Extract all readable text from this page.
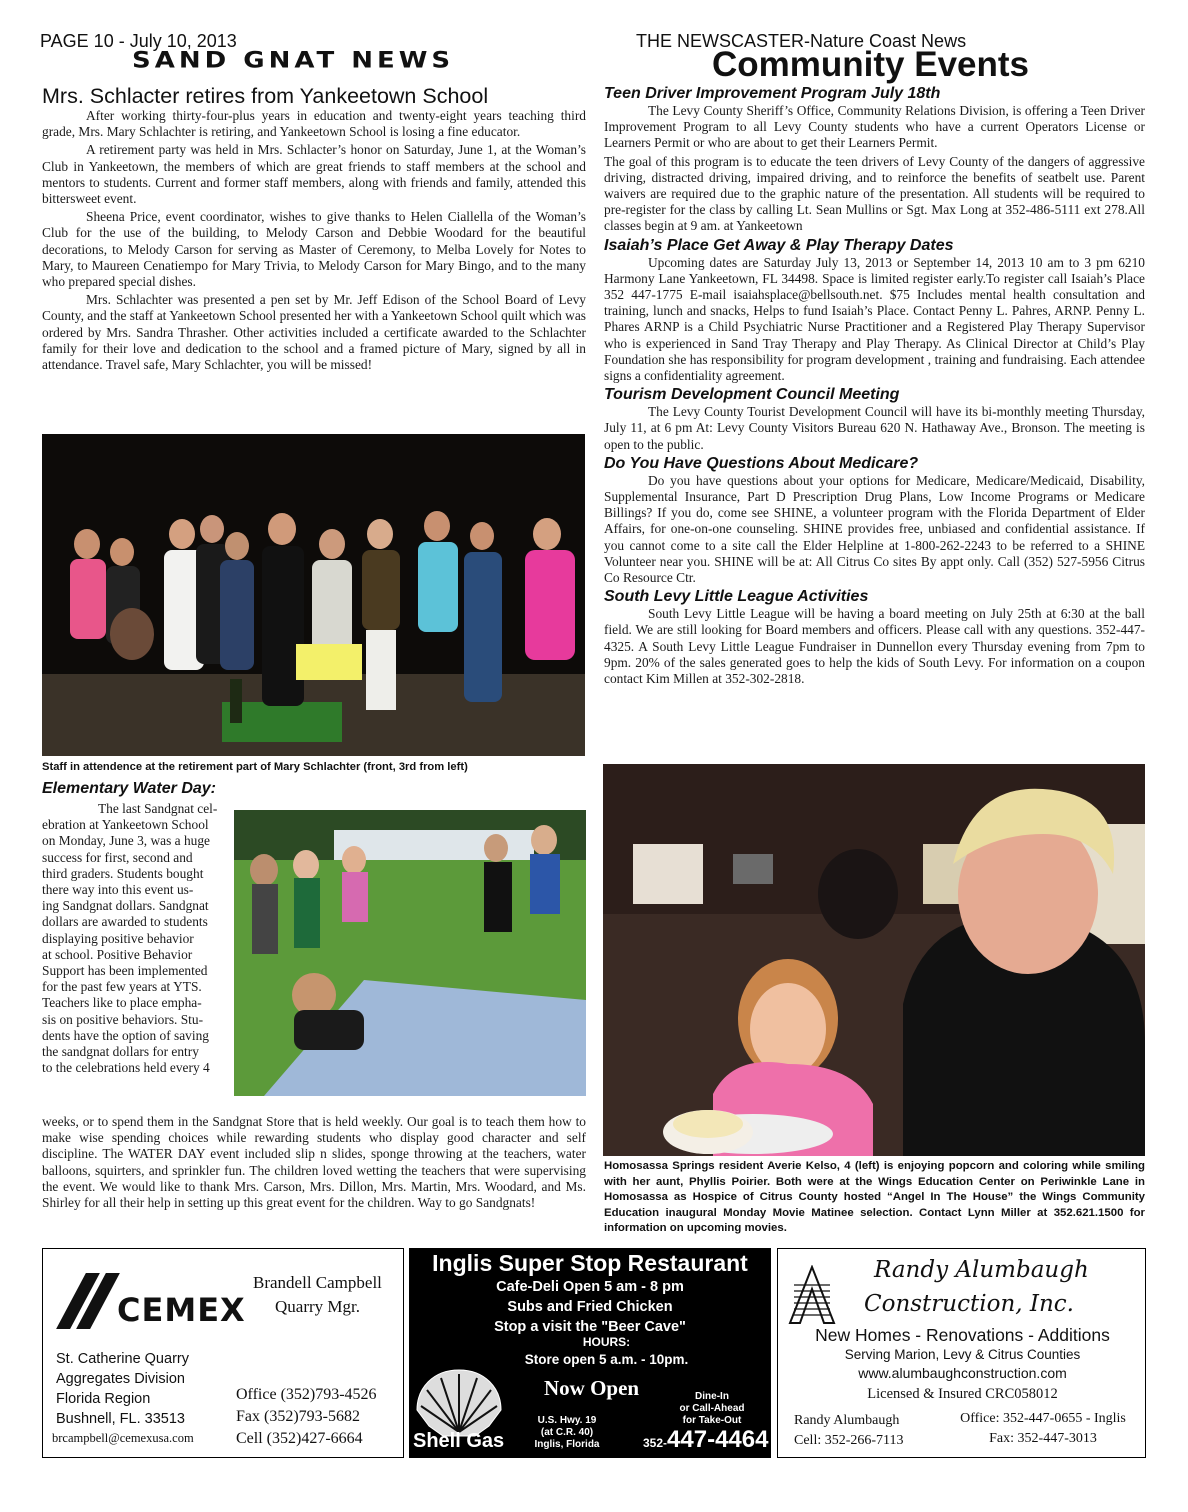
PAGE 10 - July 10, 2013
SAND GNAT NEWS
THE NEWSCASTER-Nature Coast News
Community Events
Mrs. Schlacter retires from Yankeetown School

After working thirty-four-plus years in education and twenty-eight years teaching third grade, Mrs. Mary Schlachter is retiring, and Yankeetown School is losing a fine educator.

A retirement party was held in Mrs. Schlacter’s honor on Saturday, June 1, at the Woman’s Club in Yankeetown, the members of which are great friends to staff members at the school and mentors to students. Current and former staff members, along with friends and family, attended this bittersweet event.

Sheena Price, event coordinator, wishes to give thanks to Helen Ciallella of the Woman’s Club for the use of the building, to Melody Carson and Debbie Woodard for the beautiful decorations, to Melody Carson for serving as Master of Ceremony, to Melba Lovely for Notes to Mary, to Maureen Cenatiempo for Mary Trivia, to Melody Carson for Mary Bingo, and to the many who prepared special dishes.

Mrs. Schlachter was presented a pen set by Mr. Jeff Edison of the School Board of Levy County, and the staff at Yankeetown School presented her with a Yankeetown School quilt which was ordered by Mrs. Sandra Thrasher. Other activities included a certificate awarded to the Schlachter family for their love and dedication to the school and a framed picture of Mary, signed by all in attendance. Travel safe, Mary Schlachter, you will be missed!

Staff in attendence at the retirement part of Mary Schlachter (front, 3rd from left)
Elementary Water Day:
The last Sandgnat cel-
ebration at Yankeetown School
on Monday, June 3, was a huge
success for first, second and
third graders. Students bought
there way into this event us-
ing Sandgnat dollars. Sandgnat
dollars are awarded to students
displaying positive behavior
at school. Positive Behavior
Support has been implemented
for the past few years at YTS.
Teachers like to place empha-
sis on positive behaviors. Stu-
dents have the option of saving
the sandgnat dollars for entry
to the celebrations held every 4

weeks, or to spend them in the Sandgnat Store that is held weekly. Our goal is to teach them how to make wise spending choices while rewarding students who display good character and self discipline. The WATER DAY event included slip n slides, sponge throwing at the teachers, water balloons, squirters, and sprinkler fun. The children loved wetting the teachers that were supervising the event. We would like to thank Mrs. Carson, Mrs. Dillon, Mrs. Martin, Mrs. Woodard, and Ms. Shirley for all their help in setting up this great event for the children. Way to go Sandgnats!

Teen Driver Improvement Program July 18th

The Levy County Sheriff’s Office, Community Relations Division, is offering a Teen Driver Improvement Program to all Levy County students who have a current Operators License or Learners Permit or who are about to get their Learners Permit.

The goal of this program is to educate the teen drivers of Levy County of the dangers of aggressive driving, distracted driving, impaired driving, and to reinforce the benefits of seatbelt use. Parent waivers are required due to the graphic nature of the presentation. All students will be required to pre-register for the class by calling Lt. Sean Mullins or Sgt. Max Long at 352-486-5111 ext 278.All classes begin at 9 am. at Yankeetown

Isaiah’s Place Get Away & Play Therapy Dates

Upcoming dates are Saturday July 13, 2013 or September 14, 2013 10 am to 3 pm 6210 Harmony Lane Yankeetown, FL 34498. Space is limited register early.To register call Isaiah’s Place 352 447-1775 E-mail isaiahsplace@bellsouth.net. $75 Includes mental health consultation and training, lunch and snacks, Helps to fund Isaiah’s Place. Contact Penny L. Pahres, ARNP. Penny L. Phares ARNP is a Child Psychiatric Nurse Practitioner and a Registered Play Therapy Supervisor who is experienced in Sand Tray Therapy and Play Therapy. As Clinical Director at Child’s Play Foundation she has responsibility for program development , training and fundraising. Each attendee signs a confidentiality agreement.

Tourism Development Council Meeting

The Levy County Tourist Development Council will have its bi-monthly meeting Thursday, July 11, at 6 pm At: Levy County Visitors Bureau 620 N. Hathaway Ave., Bronson. The meeting is open to the public.

Do You Have Questions About Medicare?

Do you have questions about your options for Medicare, Medicare/Medicaid, Disability, Supplemental Insurance, Part D Prescription Drug Plans, Low Income Programs or Medicare Billings? If you do, come see SHINE, a volunteer program with the Florida Department of Elder Affairs, for one-on-one counseling. SHINE provides free, unbiased and confidential assistance. If you cannot come to a site call the Elder Helpline at 1-800-262-2243 to be referred to a SHINE Volunteer near you. SHINE will be at: All Citrus Co sites By appt only. Call (352) 527-5956 Citrus Co Resource Ctr.

South Levy Little League Activities

South Levy Little League will be having a board meeting on July 25th at 6:30 at the ball field. We are still looking for Board members and officers. Please call with any questions. 352-447-4325. A South Levy Little League Fundraiser in Dunnellon every Thursday evening from 7pm to 9pm. 20% of the sales generated goes to help the kids of South Levy. For information on a coupon contact Kim Millen at 352-302-2818.

Homosassa Springs resident Averie Kelso, 4 (left) is enjoying popcorn and coloring while smiling with her aunt, Phyllis Poirier. Both were at the Wings Education Center on Periwinkle Lane in Homosassa as Hospice of Citrus County hosted “Angel In The House” the Wings Community Education inaugural Monday Movie Matinee selection. Contact Lynn Miller at 352.621.1500 for information on upcoming movies.
CEMEX
Brandell Campbell
Quarry Mgr.
St. Catherine Quarry
Aggregates Division
Florida Region
Bushnell, FL. 33513
brcampbell@cemexusa.com
Office (352)793-4526
Fax (352)793-5682
Cell (352)427-6664
Inglis Super Stop Restaurant
Cafe-Deli Open 5 am - 8 pm
Subs and Fried Chicken
Stop a visit the "Beer Cave"
HOURS:
Store open 5 a.m. - 10pm.
Now Open	Dine-In
or Call-Ahead
for Take-Out
U.S. Hwy. 19
(at C.R. 40)
Inglis, Florida
Shell Gas	352-447-4464
Randy Alumbaugh
Construction, Inc.
New Homes - Renovations - Additions
Serving Marion, Levy & Citrus Counties
www.alumbaughconstruction.com
Licensed & Insured CRC058012
Randy Alumbaugh
Cell: 352-266-7113
Office: 352-447-0655 - Inglis
Fax: 352-447-3013
